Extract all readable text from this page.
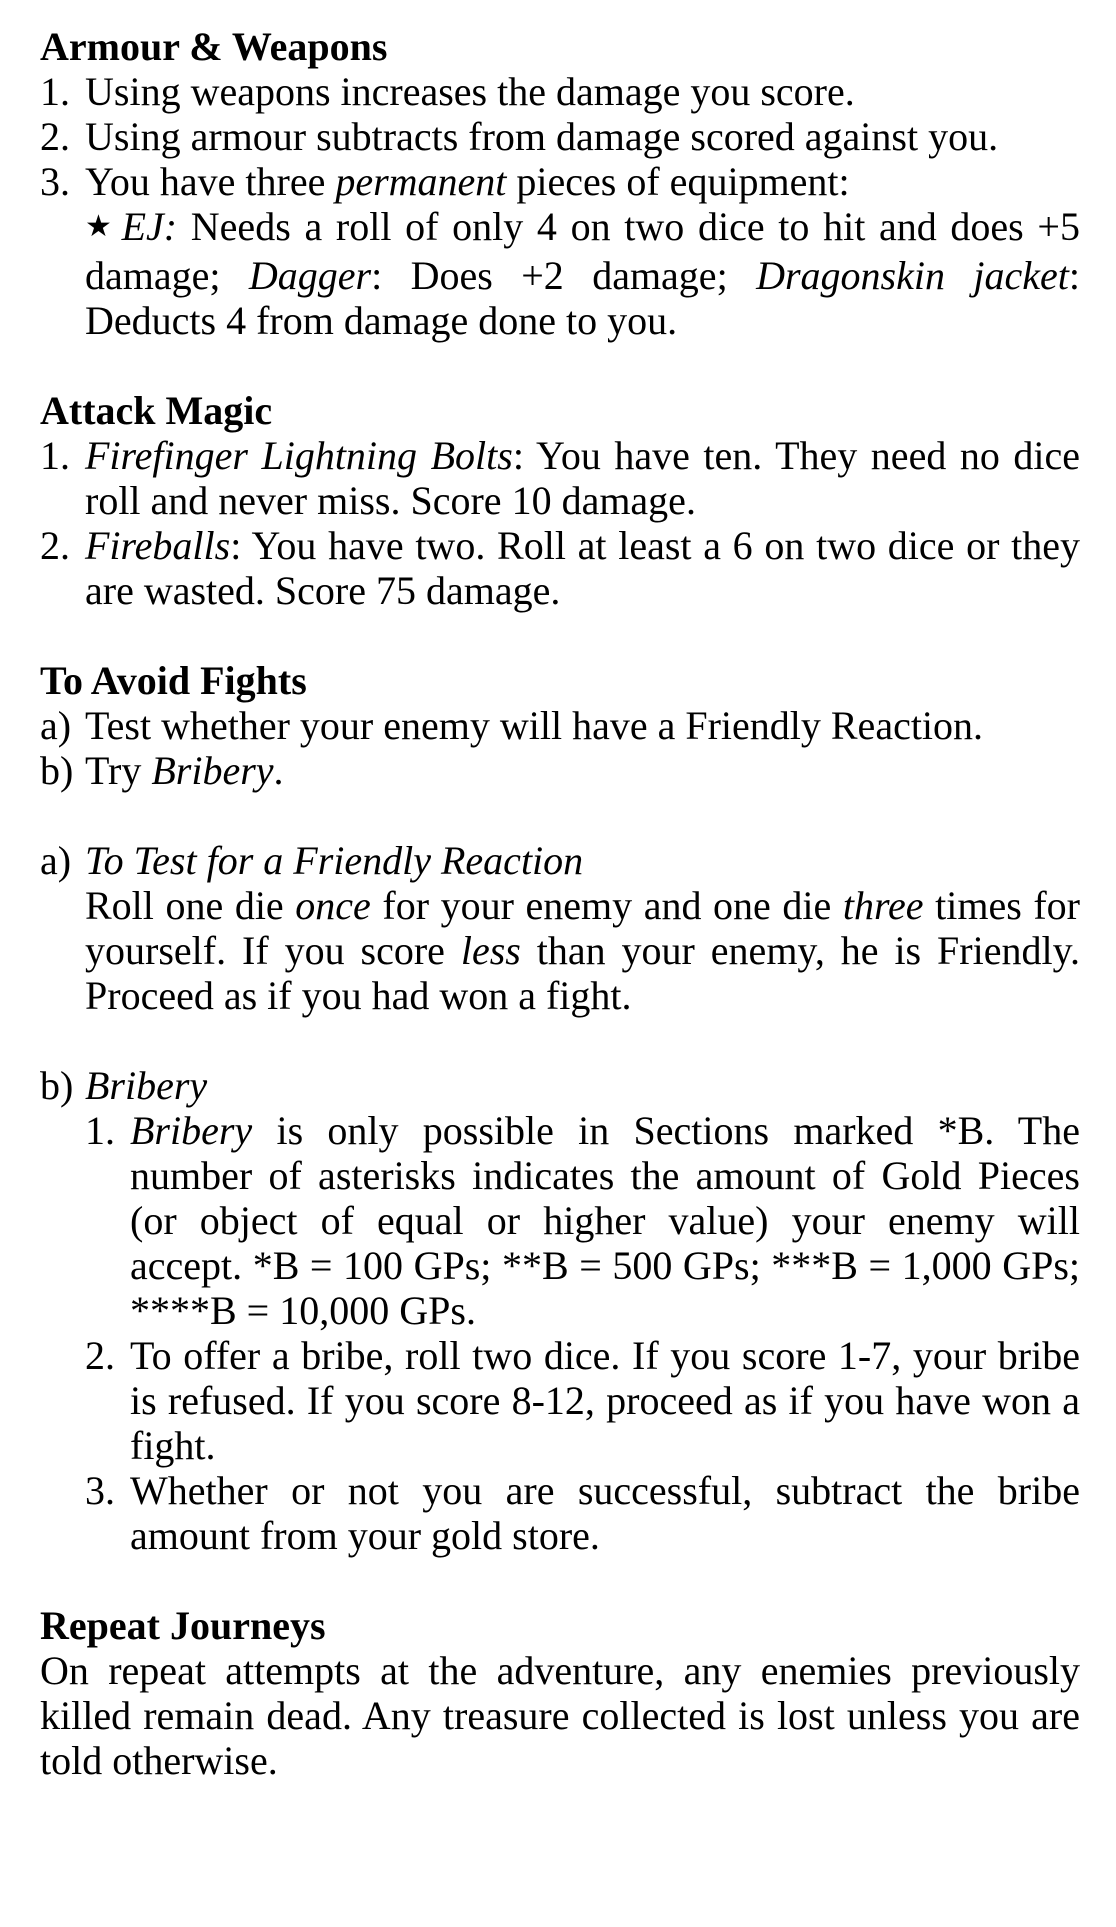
Armour & Weapons
1. Using weapons increases the damage you score.
2. Using armour subtracts from damage scored against you.
3. You have three permanent pieces of equipment:
★ EJ: Needs a roll of only 4 on two dice to hit and does +5 damage; Dagger: Does +2 damage; Dragonskin jacket: Deducts 4 from damage done to you.
Attack Magic
1. Firefinger Lightning Bolts: You have ten. They need no dice roll and never miss. Score 10 damage.
2. Fireballs: You have two. Roll at least a 6 on two dice or they are wasted. Score 75 damage.
To Avoid Fights
a) Test whether your enemy will have a Friendly Reaction.
b) Try Bribery.
a) To Test for a Friendly Reaction
Roll one die once for your enemy and one die three times for yourself. If you score less than your enemy, he is Friendly. Proceed as if you had won a fight.
b) Bribery
1. Bribery is only possible in Sections marked *B. The number of asterisks indicates the amount of Gold Pieces (or object of equal or higher value) your enemy will accept. *B = 100 GPs; **B = 500 GPs; ***B = 1,000 GPs; ****B = 10,000 GPs.
2. To offer a bribe, roll two dice. If you score 1-7, your bribe is refused. If you score 8-12, proceed as if you have won a fight.
3. Whether or not you are successful, subtract the bribe amount from your gold store.
Repeat Journeys
On repeat attempts at the adventure, any enemies previously killed remain dead. Any treasure collected is lost unless you are told otherwise.
